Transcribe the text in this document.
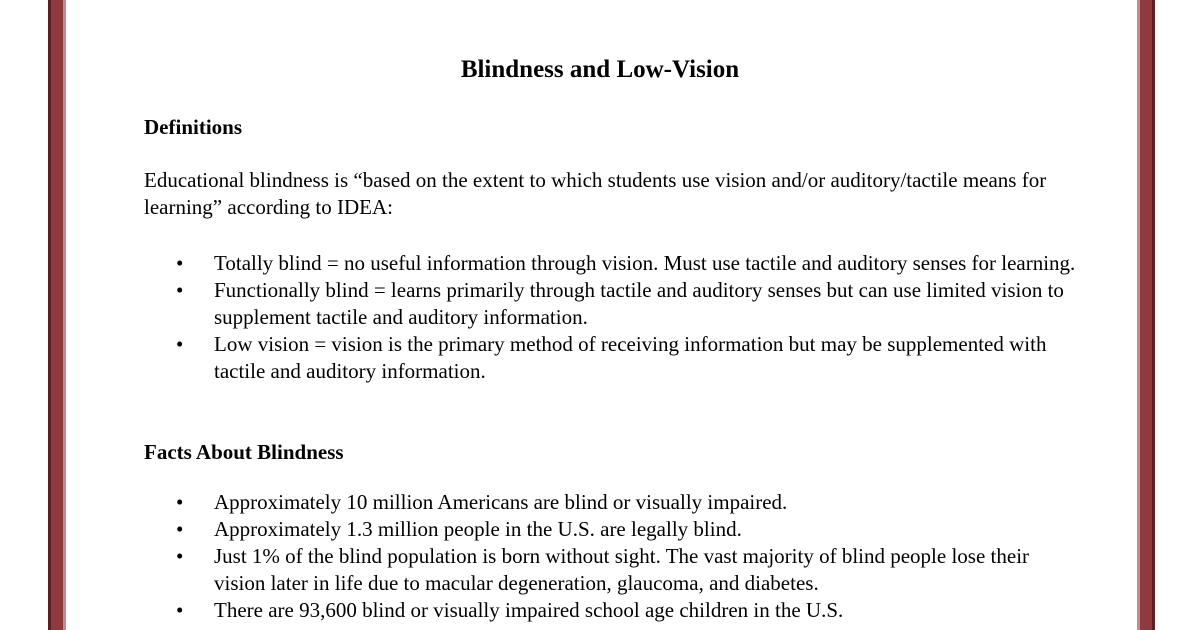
Blindness and Low-Vision
Definitions

Educational blindness is “based on the extent to which students use vision and/or auditory/tactile means for learning” according to IDEA:

•	Totally blind = no useful information through vision. Must use tactile and auditory senses for learning.
•	Functionally blind = learns primarily through tactile and auditory senses but can use limited vision to supplement tactile and auditory information.
•	Low vision = vision is the primary method of receiving information but may be supplemented with tactile and auditory information.
Facts About Blindness
•	Approximately 10 million Americans are blind or visually impaired.
•	Approximately 1.3 million people in the U.S. are legally blind.
•	Just 1% of the blind population is born without sight. The vast majority of blind people lose their vision later in life due to macular degeneration, glaucoma, and diabetes.
•	There are 93,600 blind or visually impaired school age children in the U.S.
